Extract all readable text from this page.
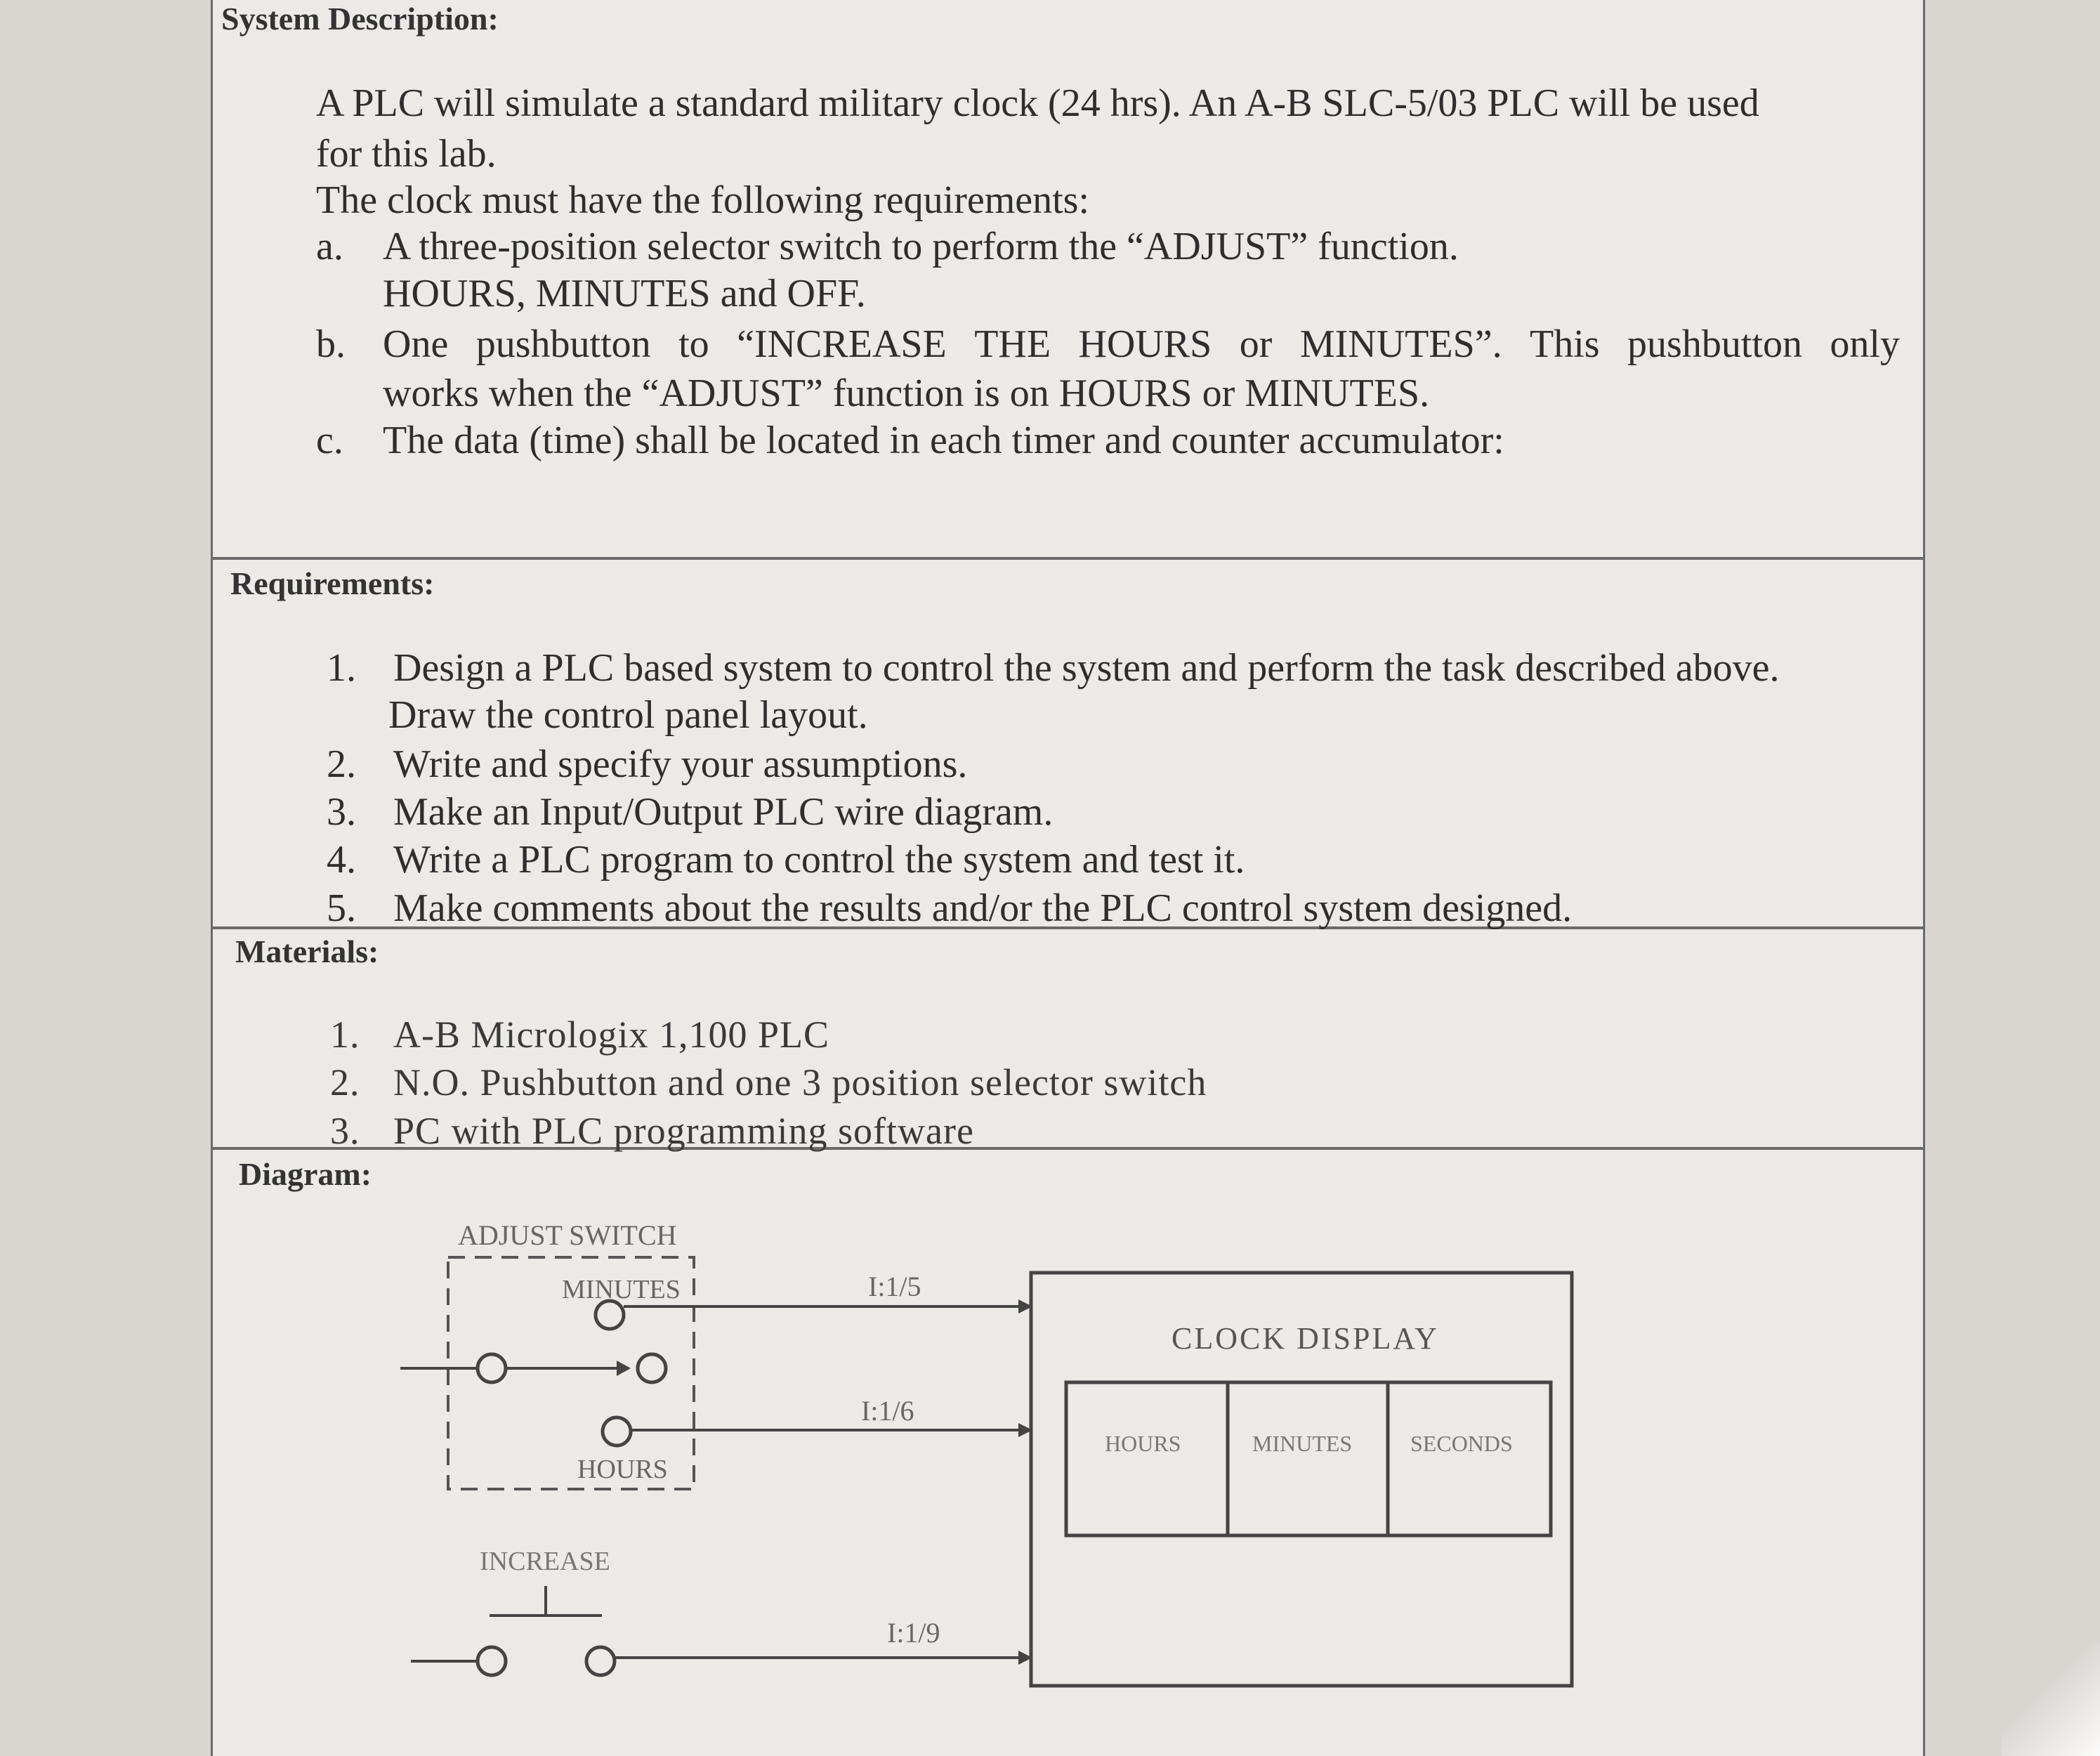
System Description:
A PLC will simulate a standard military clock (24 hrs). An A-B SLC-5/03 PLC will be used
for this lab.
The clock must have the following requirements:
a. A three-position selector switch to perform the “ADJUST” function.
HOURS, MINUTES and OFF.
b. One pushbutton to “INCREASE THE HOURS or MINUTES”. This pushbutton only
works when the “ADJUST” function is on HOURS or MINUTES.
c. The data (time) shall be located in each timer and counter accumulator:
Requirements:
1. Design a PLC based system to control the system and perform the task described above.
Draw the control panel layout.
2. Write and specify your assumptions.
3. Make an Input/Output PLC wire diagram.
4. Write a PLC program to control the system and test it.
5. Make comments about the results and/or the PLC control system designed.
Materials:
1. A-B Micrologix 1,100 PLC
2. N.O. Pushbutton and one 3 position selector switch
3. PC with PLC programming software
Diagram:
ADJUST SWITCH
MINUTES
HOURS
I:1/5
I:1/6
INCREASE
I:1/9
CLOCK DISPLAY
HOURS	MINUTES	SECONDS
